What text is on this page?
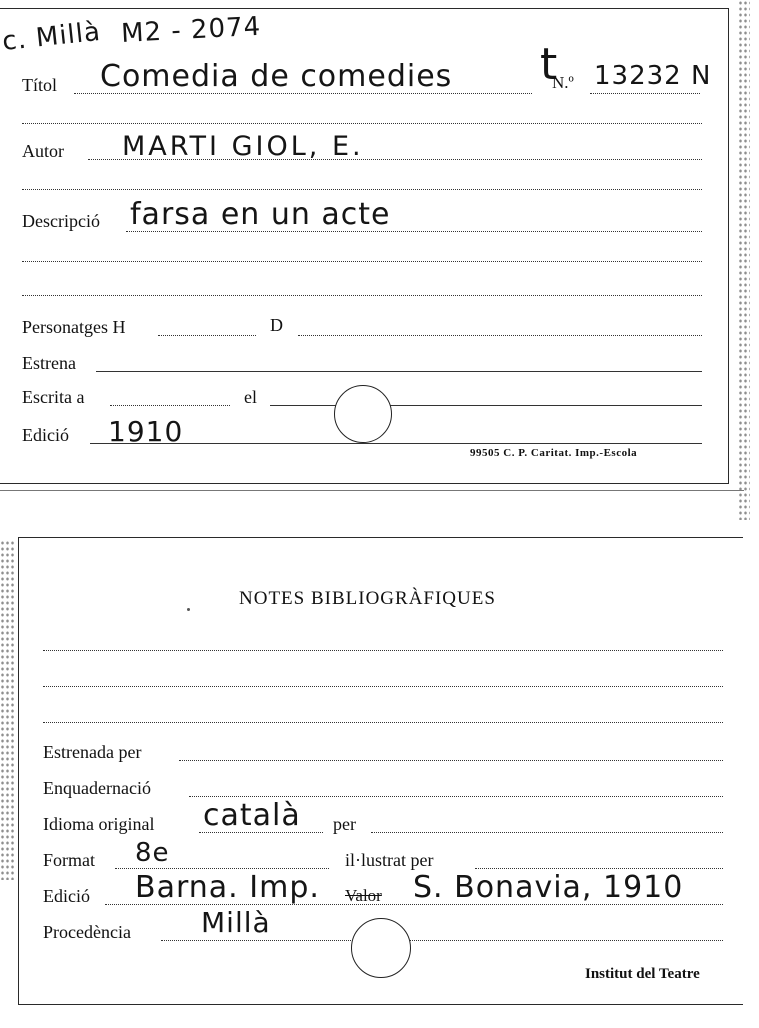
c. Millà M2 - 2074
Títol Comedia de comedies t
N.º 13232 N
Autor MARTI GIOL, E.
Descripció farsa en un acte
Personatges H	D
Estrena
Escrita a	el
Edició 1910
99505 C. P. Caritat. Imp.-Escola
NOTES BIBLIOGRÀFIQUES
Estrenada per
Enquadernació
Idioma original català per
Format 8e	il·lustrat per
Edició Barna. Imp. Valor S. Bonavia, 1910
Procedència	Millà
Institut del Teatre
